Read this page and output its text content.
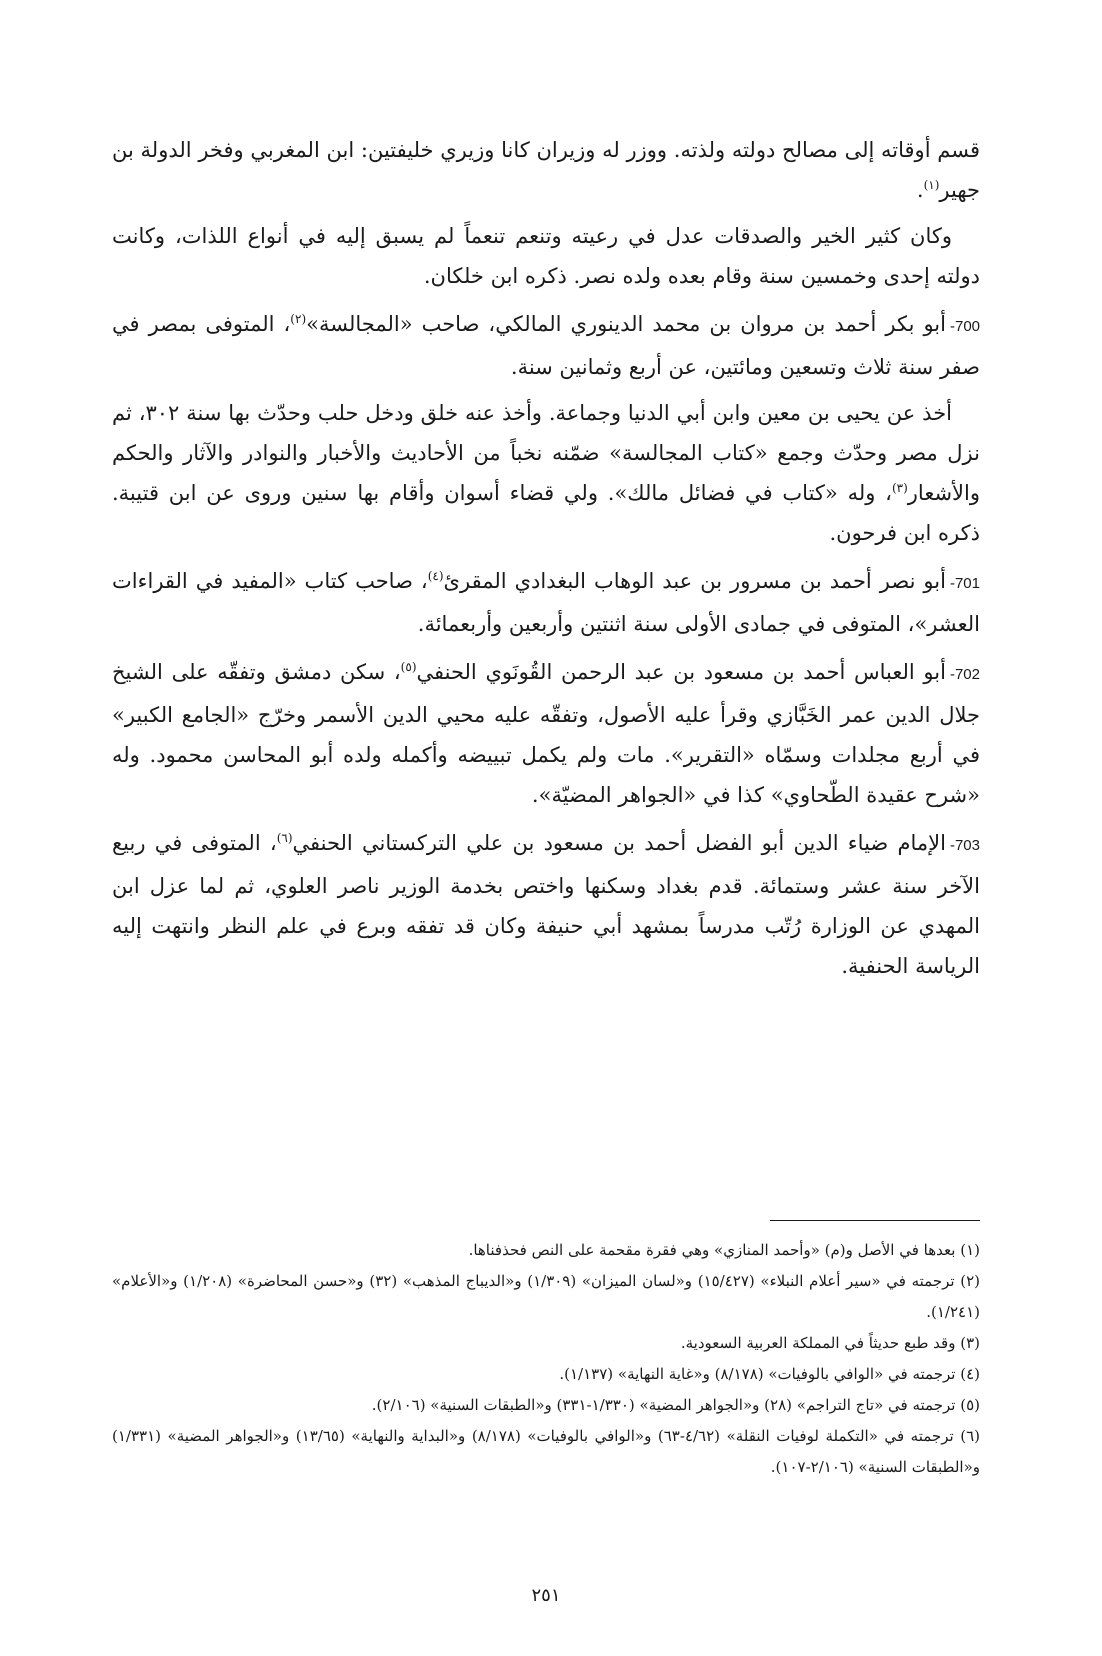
قسم أوقاته إلى مصالح دولته ولذته. ووزر له وزيران كانا وزيري خليفتين: ابن المغربي وفخر الدولة بن جهير$^{(١)}$.

وكان كثير الخير والصدقات عدل في رعيته وتنعم تنعماً لم يسبق إليه في أنواع اللذات، وكانت دولته إحدى وخمسين سنة وقام بعده ولده نصر. ذكره ابن خلكان.

700-أبو بكر أحمد بن مروان بن محمد الدينوري المالكي، صاحب «المجالسة»$^{(٢)}$، المتوفى بمصر في صفر سنة ثلاث وتسعين ومائتين، عن أربع وثمانين سنة.

أخذ عن يحيى بن معين وابن أبي الدنيا وجماعة. وأخذ عنه خلق ودخل حلب وحدّث بها سنة ٣٠٢، ثم نزل مصر وحدّث وجمع «كتاب المجالسة» ضمّنه نخباً من الأحاديث والأخبار والنوادر والآثار والحكم والأشعار$^{(٣)}$، وله «كتاب في فضائل مالك». ولي قضاء أسوان وأقام بها سنين وروى عن ابن قتيبة. ذكره ابن فرحون.

701-أبو نصر أحمد بن مسرور بن عبد الوهاب البغدادي المقرئ$^{(٤)}$، صاحب كتاب «المفيد في القراءات العشر»، المتوفى في جمادى الأولى سنة اثنتين وأربعين وأربعمائة.

702-أبو العباس أحمد بن مسعود بن عبد الرحمن القُونَوي الحنفي$^{(٥)}$، سكن دمشق وتفقّه على الشيخ جلال الدين عمر الخَبَّازي وقرأ عليه الأصول، وتفقّه عليه محيي الدين الأسمر وخرّج «الجامع الكبير» في أربع مجلدات وسمّاه «التقرير». مات ولم يكمل تبييضه وأكمله ولده أبو المحاسن محمود. وله «شرح عقيدة الطّحاوي» كذا في «الجواهر المضيّة».

703-الإمام ضياء الدين أبو الفضل أحمد بن مسعود بن علي التركستاني الحنفي$^{(٦)}$، المتوفى في ربيع الآخر سنة عشر وستمائة. قدم بغداد وسكنها واختص بخدمة الوزير ناصر العلوي، ثم لما عزل ابن المهدي عن الوزارة رُتّب مدرساً بمشهد أبي حنيفة وكان قد تفقه وبرع في علم النظر وانتهت إليه الرياسة الحنفية.

(١) بعدها في الأصل و(م) «وأحمد المنازي» وهي فقرة مقحمة على النص فحذفناها.

(٢) ترجمته في «سير أعلام النبلاء» (١٥/٤٢٧) و«لسان الميزان» (١/٣٠٩) و«الديباج المذهب» (٣٢) و«حسن المحاضرة» (١/٢٠٨) و«الأعلام» (١/٢٤١).

(٣) وقد طبع حديثاً في المملكة العربية السعودية.

(٤) ترجمته في «الوافي بالوفيات» (٨/١٧٨) و«غاية النهاية» (١/١٣٧).

(٥) ترجمته في «تاج التراجم» (٢٨) و«الجواهر المضية» (١/٣٣٠-٣٣١) و«الطبقات السنية» (٢/١٠٦).

(٦) ترجمته في «التكملة لوفيات النقلة» (٤/٦٢-٦٣) و«الوافي بالوفيات» (٨/١٧٨) و«البداية والنهاية» (١٣/٦٥) و«الجواهر المضية» (١/٣٣١) و«الطبقات السنية» (٢/١٠٦-١٠٧).

٢٥١
